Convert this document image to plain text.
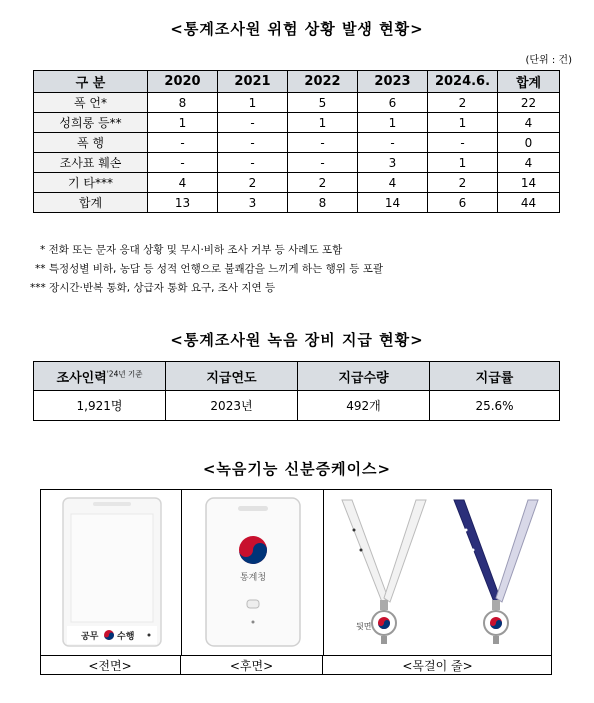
<통계조사원 위험 상황 발생 현황>
(단위 : 건)
구 분	2020	2021	2022	2023	2024.6.	합계
폭 언*	8	1	5	6	2	22
성희롱 등**	1	-	1	1	1	4
폭 행	-	-	-	-	-	0
조사표 훼손	-	-	-	3	1	4
기 타***	4	2	2	4	2	14
합계	13	3	8	14	6	44
* 전화 또는 문자 응대 상황 및 무시·비하 조사 거부 등 사례도 포함
** 특정성별 비하, 농담 등 성적 언행으로 불쾌감을 느끼게 하는 행위 등 포괄
*** 장시간·반복 통화, 상급자 통화 요구, 조사 지연 등
<통계조사원 녹음 장비 지급 현황>
조사인력$^{'24년 기준}$	지급연도	지급수량	지급률
1,921명	2023년	492개	25.6%
<녹음기능 신분증케이스>
공무 수행
통계청
뒷면
<전면>	<후면>	<목걸이 줄>
